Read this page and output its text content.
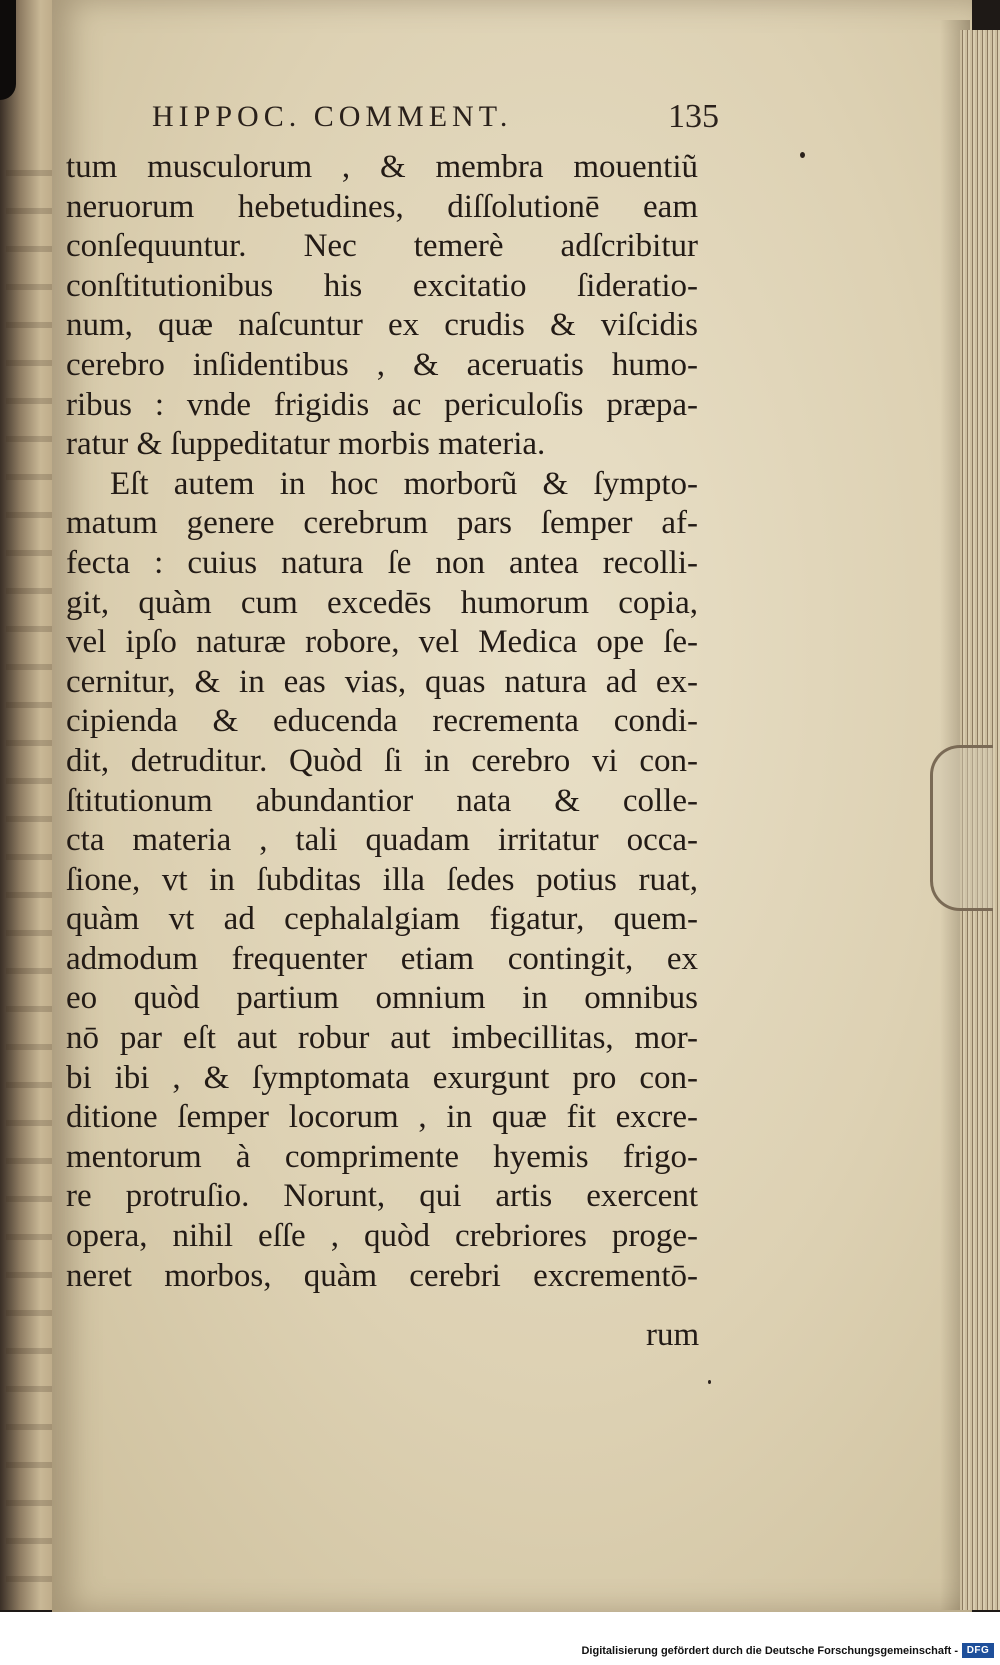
HIPPOC. COMMENT.	135
tum musculorum , & membra mouentiũ
neruorum hebetudines, diſſolutionē eam
conſequuntur. Nec temerè adſcribitur
conſtitutionibus his excitatio ſideratio-
num, quæ naſcuntur ex crudis & viſcidis
cerebro inſidentibus , & aceruatis humo-
ribus : vnde frigidis ac periculoſis præpa-
ratur & ſuppeditatur morbis materia.
Eſt autem in hoc morborũ & ſympto-
matum genere cerebrum pars ſemper af-
fecta : cuius natura ſe non antea recolli-
git, quàm cum excedēs humorum copia,
vel ipſo naturæ robore, vel Medica ope ſe-
cernitur, & in eas vias, quas natura ad ex-
cipienda & educenda recrementa condi-
dit, detruditur. Quòd ſi in cerebro vi con-
ſtitutionum abundantior nata & colle-
cta materia , tali quadam irritatur occa-
ſione, vt in ſubditas illa ſedes potius ruat,
quàm vt ad cephalalgiam figatur, quem-
admodum frequenter etiam contingit, ex
eo quòd partium omnium in omnibus
nō par eſt aut robur aut imbecillitas, mor-
bi ibi , & ſymptomata exurgunt pro con-
ditione ſemper locorum , in quæ fit excre-
mentorum à comprimente hyemis frigo-
re protruſio. Norunt, qui artis exercent
opera, nihil eſſe , quòd crebriores proge-
neret morbos, quàm cerebri excrementō-
rum
Digitalisierung gefördert durch die Deutsche Forschungsgemeinschaft - DFG
